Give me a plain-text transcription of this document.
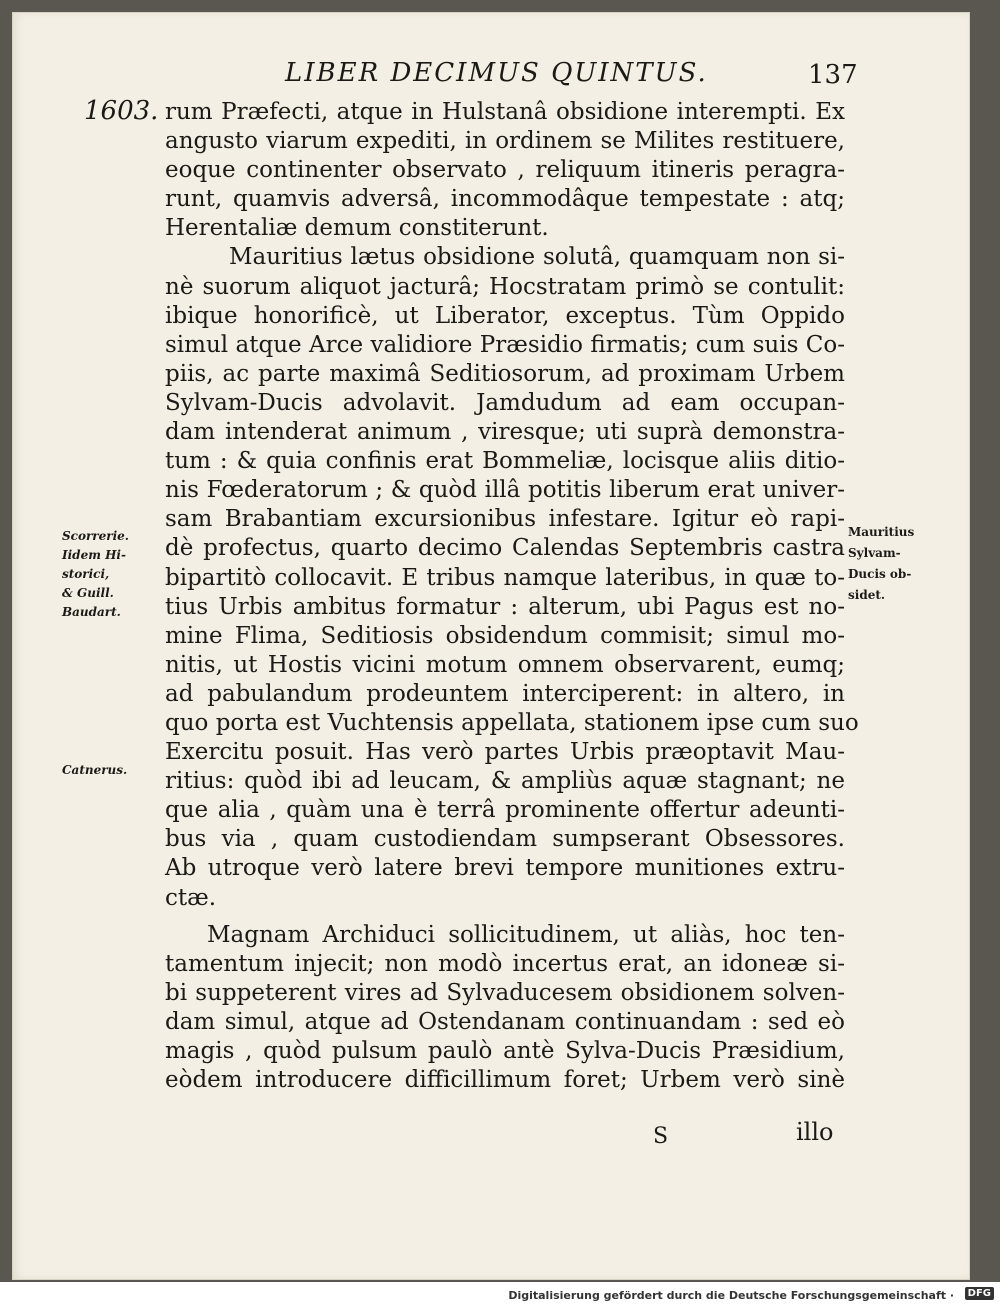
LIBER DECIMUS QUINTUS.	137
1603. rum Præfecti, atque in Hulstanâ obsidione interempti. Ex
angusto viarum expediti, in ordinem se Milites restituere,
eoque continenter observato , reliquum itineris peragra-
runt, quamvis adversâ, incommodâque tempestate : atq;
Herentaliæ demum constiterunt.
Mauritius lætus obsidione solutâ, quamquam non si-
nè suorum aliquot jacturâ; Hocstratam primò se contulit:
ibique honorificè, ut Liberator, exceptus. Tùm Oppido
simul atque Arce validiore Præsidio firmatis; cum suis Co-
piis, ac parte maximâ Seditiosorum, ad proximam Urbem
Sylvam-Ducis advolavit. Jamdudum ad eam occupan-
dam intenderat animum , viresque; uti suprà demonstra-
tum : & quia confinis erat Bommeliæ, locisque aliis ditio-
nis Fœderatorum ; & quòd illâ potitis liberum erat univer-
sam Brabantiam excursionibus infestare. Igitur eò rapi-
dè profectus, quarto decimo Calendas Septembris castra
bipartitò collocavit. E tribus namque lateribus, in quæ to-
tius Urbis ambitus formatur : alterum, ubi Pagus est no-
mine Flima, Seditiosis obsidendum commisit; simul mo-
nitis, ut Hostis vicini motum omnem observarent, eumq;
ad pabulandum prodeuntem interciperent: in altero, in
quo porta est Vuchtensis appellata, stationem ipse cum suo
Exercitu posuit. Has verò partes Urbis præoptavit Mau-
ritius: quòd ibi ad leucam, & ampliùs aquæ stagnant; ne
que alia , quàm una è terrâ prominente offertur adeunti-
bus via , quam custodiendam sumpserant Obsessores.
Ab utroque verò latere brevi tempore munitiones extru-
ctæ.
Magnam Archiduci sollicitudinem, ut aliàs, hoc ten-
tamentum injecit; non modò incertus erat, an idoneæ si-
bi suppeterent vires ad Sylvaducesem obsidionem solven-
dam simul, atque ad Ostendanam continuandam : sed eò
magis , quòd pulsum paulò antè Sylva-Ducis Præsidium,
eòdem introducere difficillimum foret; Urbem verò sinè
S	illo
Scorrerie.
Iidem Hi-
storici,
& Guill.
Baudart.
Catnerus.
Mauritius
Sylvam-
Ducis ob-
sidet.
Digitalisierung gefördert durch die Deutsche Forschungsgemeinschaft ·	DFG
